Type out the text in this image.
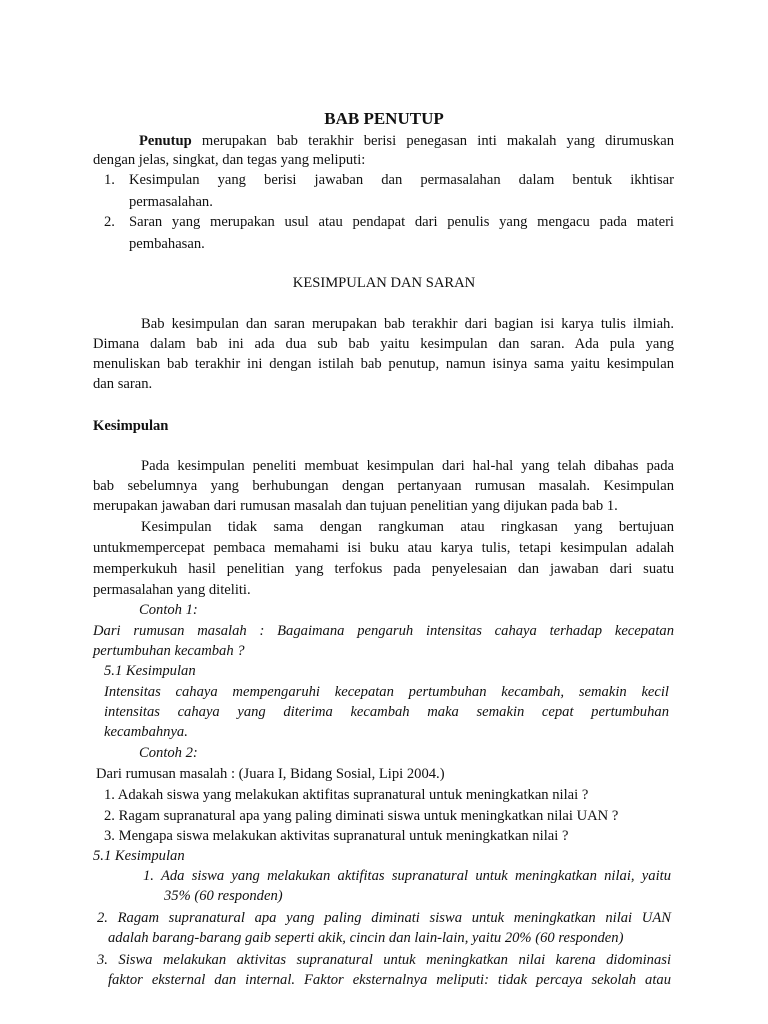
BAB PENUTUP
Penutup merupakan bab terakhir berisi penegasan inti makalah yang dirumuskan
dengan jelas, singkat, dan tegas yang meliputi:
1. Kesimpulan yang berisi jawaban dan permasalahan dalam bentuk ikhtisar
permasalahan.
2. Saran yang merupakan usul atau pendapat dari penulis yang mengacu pada materi
pembahasan.
KESIMPULAN DAN SARAN
Bab kesimpulan dan saran merupakan bab terakhir dari bagian isi karya tulis ilmiah.
Dimana dalam bab ini ada dua sub bab yaitu kesimpulan dan saran. Ada pula yang
menuliskan bab terakhir ini dengan istilah bab penutup, namun isinya sama yaitu kesimpulan
dan saran.
Kesimpulan
Pada kesimpulan peneliti membuat kesimpulan dari hal-hal yang telah dibahas pada
bab sebelumnya yang berhubungan dengan pertanyaan rumusan masalah. Kesimpulan
merupakan jawaban dari rumusan masalah dan tujuan penelitian yang dijukan pada bab 1.
Kesimpulan tidak sama dengan rangkuman atau ringkasan yang bertujuan
untukmempercepat pembaca memahami isi buku atau karya tulis, tetapi kesimpulan adalah
memperkukuh hasil penelitian yang terfokus pada penyelesaian dan jawaban dari suatu
permasalahan yang diteliti.
Contoh 1:
Dari rumusan masalah : Bagaimana pengaruh intensitas cahaya terhadap kecepatan
pertumbuhan kecambah ?
5.1 Kesimpulan
Intensitas cahaya mempengaruhi kecepatan pertumbuhan kecambah, semakin kecil
intensitas cahaya yang diterima kecambah maka semakin cepat pertumbuhan
kecambahnya.
Contoh 2:
Dari rumusan masalah : (Juara I, Bidang Sosial, Lipi 2004.)
1. Adakah siswa yang melakukan aktifitas supranatural untuk meningkatkan nilai ?
2. Ragam supranatural apa yang paling diminati siswa untuk meningkatkan nilai UAN ?
3. Mengapa siswa melakukan aktivitas supranatural untuk meningkatkan nilai ?
5.1 Kesimpulan
1. Ada siswa yang melakukan aktifitas supranatural untuk meningkatkan nilai, yaitu
35% (60 responden)
2. Ragam supranatural apa yang paling diminati siswa untuk meningkatkan nilai UAN
adalah barang-barang gaib seperti akik, cincin dan lain-lain, yaitu 20% (60 responden)
3. Siswa melakukan aktivitas supranatural untuk meningkatkan nilai karena didominasi
faktor eksternal dan internal. Faktor eksternalnya meliputi: tidak percaya sekolah atau
